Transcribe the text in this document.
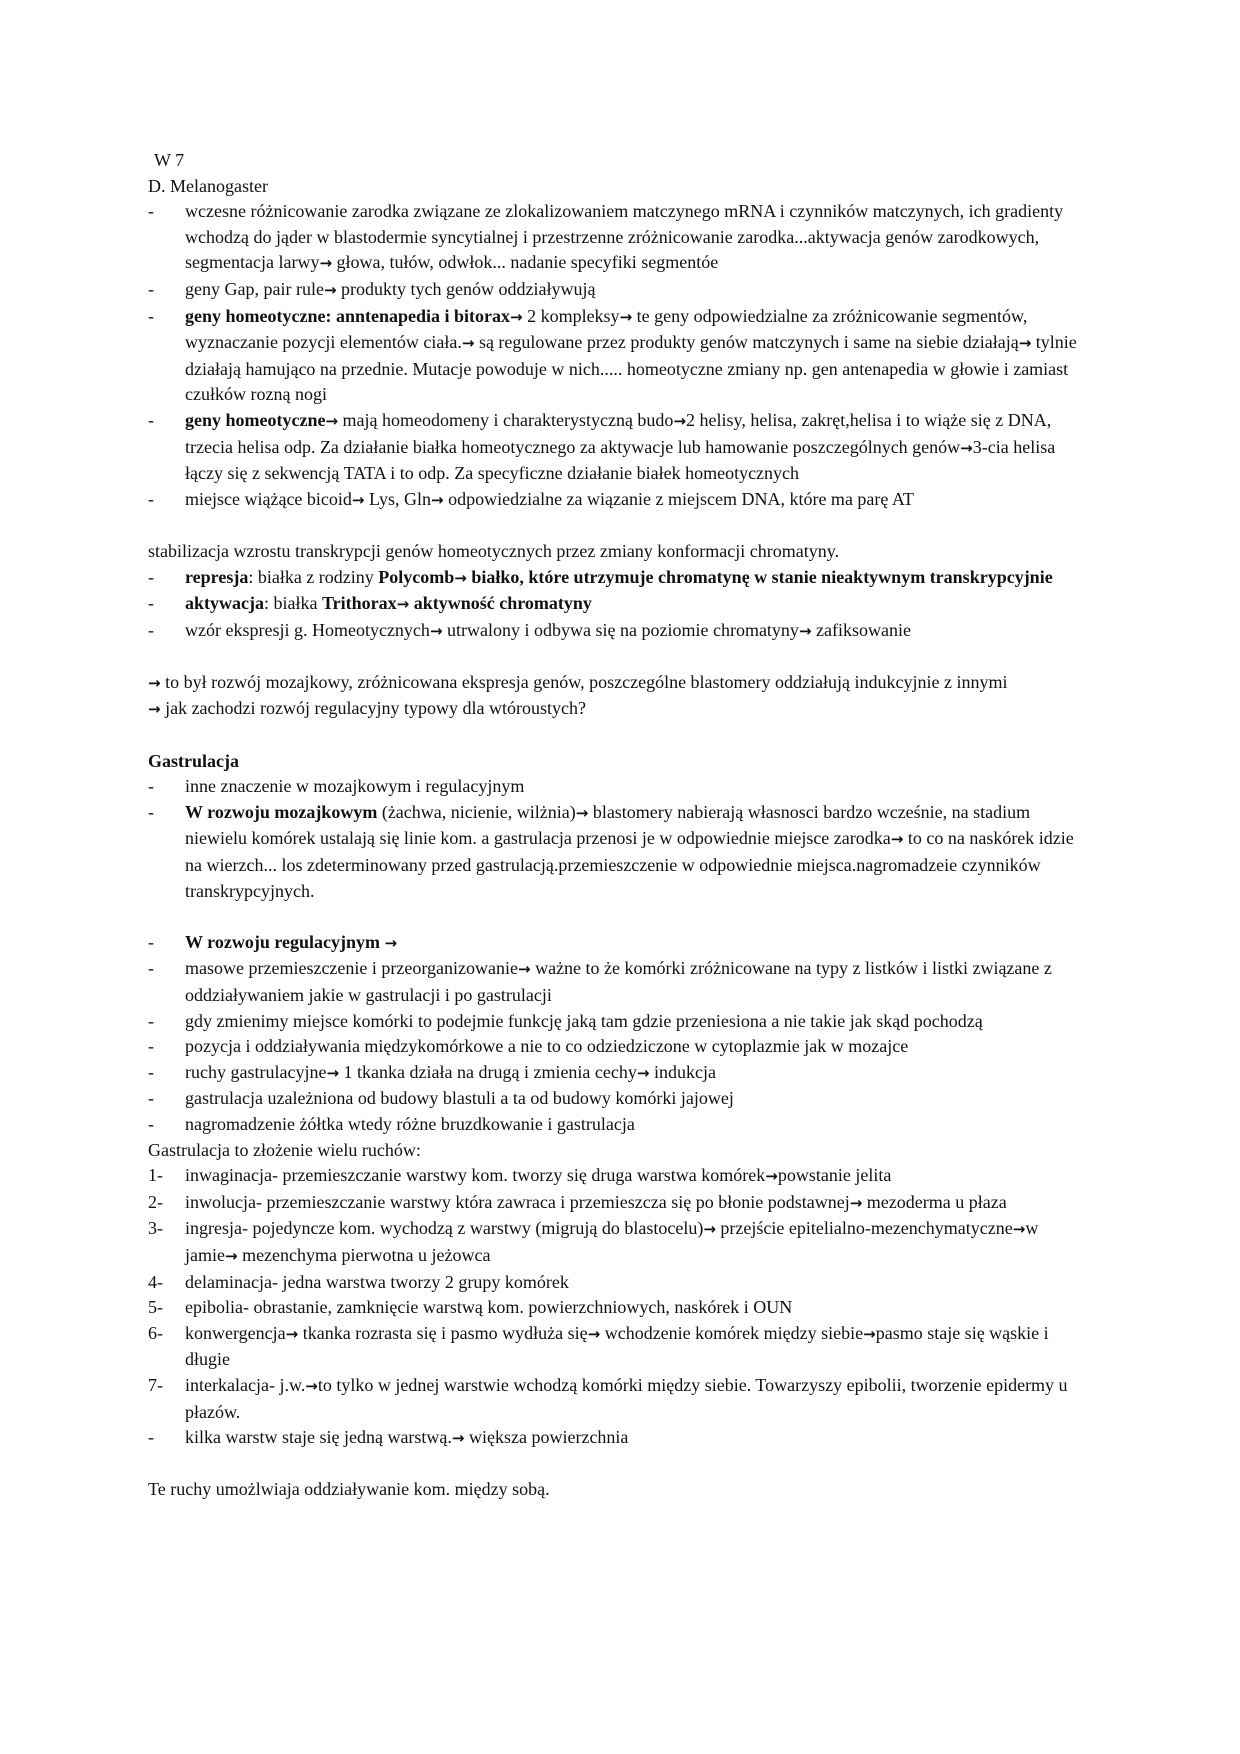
W 7

D. Melanogaster

-	wczesne różnicowanie zarodka związane ze zlokalizowaniem matczynego mRNA i czynników matczynych, ich gradienty wchodzą do jąder w blastodermie syncytialnej i przestrzenne zróżnicowanie zarodka...aktywacja genów zarodkowych, segmentacja larwy→ głowa, tułów, odwłok... nadanie specyfiki segmentóe
-	geny Gap, pair rule→ produkty tych genów oddziaływują
-	geny homeotyczne: anntenapedia i bitorax→ 2 kompleksy→ te geny odpowiedzialne za zróżnicowanie segmentów, wyznaczanie pozycji elementów ciała.→ są regulowane przez produkty genów matczynych i same na siebie działają→ tylnie działają hamująco na przednie. Mutacje powoduje w nich..... homeotyczne zmiany np. gen antenapedia w głowie i zamiast czułków rozną nogi
-	geny homeotyczne→ mają homeodomeny i charakterystyczną budo→2 helisy, helisa, zakręt,helisa i to wiąże się z DNA, trzecia helisa odp. Za działanie białka homeotycznego za aktywacje lub hamowanie poszczególnych genów→3-cia helisa łączy się z sekwencją TATA i to odp. Za specyficzne działanie białek homeotycznych
-	miejsce wiążące bicoid→ Lys, Gln→ odpowiedzialne za wiązanie z miejscem DNA, które ma parę AT

stabilizacja wzrostu transkrypcji genów homeotycznych przez zmiany konformacji chromatyny.

-	represja: białka z rodziny Polycomb→ białko, które utrzymuje chromatynę w stanie nieaktywnym transkrypcyjnie
-	aktywacja: białka Trithorax→ aktywność chromatyny
-	wzór ekspresji g. Homeotycznych→ utrwalony i odbywa się na poziomie chromatyny→ zafiksowanie

→ to był rozwój mozajkowy, zróżnicowana ekspresja genów, poszczególne blastomery oddziałują indukcyjnie z innymi

→ jak zachodzi rozwój regulacyjny typowy dla wtóroustych?

Gastrulacja

-	inne znaczenie w mozajkowym i regulacyjnym
-	W rozwoju mozajkowym (żachwa, nicienie, wilżnia)→ blastomery nabierają własnosci bardzo wcześnie, na stadium niewielu komórek ustalają się linie kom. a gastrulacja przenosi je w odpowiednie miejsce zarodka→ to co na naskórek idzie na wierzch... los zdeterminowany przed gastrulacją.przemieszczenie w odpowiednie miejsca.nagromadzeie czynników transkrypcyjnych.
-	W rozwoju regulacyjnym →
-	masowe przemieszczenie i przeorganizowanie→ ważne to że komórki zróżnicowane na typy z listków i listki związane z oddziaływaniem jakie w gastrulacji i po gastrulacji
-	gdy zmienimy miejsce komórki to podejmie funkcję jaką tam gdzie przeniesiona a nie takie jak skąd pochodzą
-	pozycja i oddziaływania międzykomórkowe a nie to co odziedziczone w cytoplazmie jak w mozajce
-	ruchy gastrulacyjne→ 1 tkanka działa na drugą i zmienia cechy→ indukcja
-	gastrulacja uzależniona od budowy blastuli a ta od budowy komórki jajowej
-	nagromadzenie żółtka wtedy różne bruzdkowanie i gastrulacja

Gastrulacja to złożenie wielu ruchów:

1-	inwaginacja- przemieszczanie warstwy kom. tworzy się druga warstwa komórek→powstanie jelita
2-	inwolucja- przemieszczanie warstwy która zawraca i przemieszcza się po błonie podstawnej→ mezoderma u płaza
3-	ingresja- pojedyncze kom. wychodzą z warstwy (migrują do blastocelu)→ przejście epitelialno-mezenchymatyczne→w jamie→ mezenchyma pierwotna u jeżowca
4-	delaminacja- jedna warstwa tworzy 2 grupy komórek
5-	epibolia- obrastanie, zamknięcie warstwą kom. powierzchniowych, naskórek i OUN
6-	konwergencja→ tkanka rozrasta się i pasmo wydłuża się→ wchodzenie komórek między siebie→pasmo staje się wąskie i długie
7-	interkalacja- j.w.→to tylko w jednej warstwie wchodzą komórki między siebie. Towarzyszy epibolii, tworzenie epidermy u płazów.
-	kilka warstw staje się jedną warstwą.→ większa powierzchnia

Te ruchy umożlwiaja oddziaływanie kom. między sobą.
